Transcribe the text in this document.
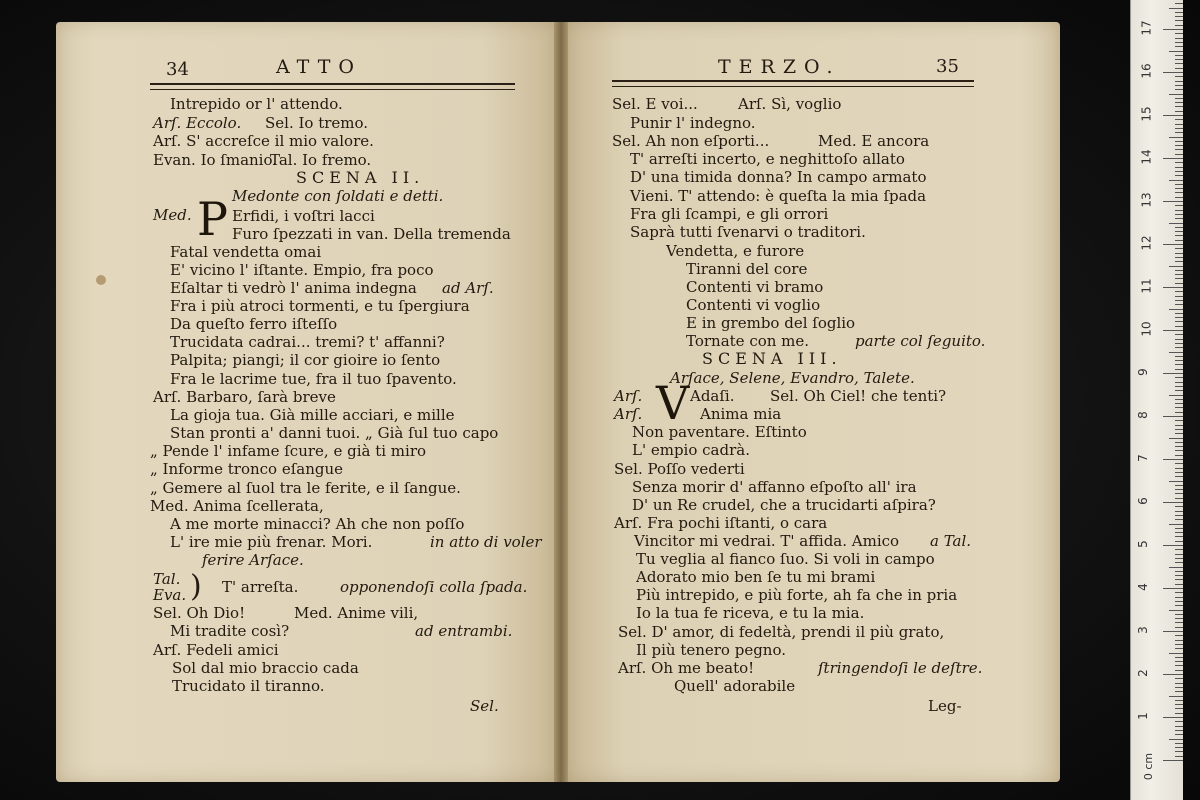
34	ATTO
Intrepido or l' attendo.
Arſ. Eccolo. Sel. Io tremo.
Arſ. S' accreſce il mio valore.
Evan. Io ſmanio.
Tal. Io fremo.
SCENA II.
Medonte con ſoldati e detti.
Med.	Erfidi, i voſtri lacci
Furo ſpezzati in van. Della tremenda
Fatal vendetta omai
E' vicino l' iſtante. Empio, fra poco
Eſaltar ti vedrò l' anima indegna ad Arſ.
Fra i più atroci tormenti, e tu ſpergiura
Da queſto ferro iſteſſo
Trucidata cadrai... tremi? t' affanni?
Palpita; piangi; il cor gioire io ſento
Fra le lacrime tue, fra il tuo ſpavento.
Arſ. Barbaro, ſarà breve
La gioja tua. Già mille acciari, e mille
Stan pronti a' danni tuoi. „ Già ſul tuo capo
„ Pende l' infame ſcure, e già ti miro
„ Informe tronco eſangue
„ Gemere al ſuol tra le ferite, e il ſangue.
Med. Anima ſcellerata,
A me morte minacci? Ah che non poſſo
L' ire mie più frenar. Mori.	in atto di voler
ferire Arſace.
Tal.
Eva. T' arreſta.	opponendoſi colla ſpada.
Sel. Oh Dio!	Med. Anime vili,
Mi tradite così?	ad entrambi.
Arſ. Fedeli amici
Sol dal mio braccio cada
Trucidato il tiranno.
Sel.
P
)
TERZO.	35
Sel. E voi...	Arſ. Sì, voglio
Punir l' indegno.
Sel. Ah non eſporti...	Med. E ancora
T' arreſti incerto, e neghittoſo allato
D' una timida donna? In campo armato
Vieni. T' attendo: è queſta la mia ſpada
Fra gli ſcampi, e gli orrori
Saprà tutti ſvenarvi o traditori.
Vendetta, e furore
Tiranni del core
Contenti vi bramo
Contenti vi voglio
E in grembo del ſoglio
Tornate con me.	parte col ſeguito.
SCENA III.
Arſace, Selene, Evandro, Talete.
Arſ.
Arſ.
Adaſi. Sel. Oh Ciel! che tenti?
Anima mia
Non paventare. Eſtinto
L' empio cadrà.
Sel. Poſſo vederti
Senza morir d' affanno eſpoſto all' ira
D' un Re crudel, che a trucidarti aſpira?
Arſ. Fra pochi iſtanti, o cara
Vincitor mi vedrai. T' affida. Amico a Tal.
Tu veglia al fianco ſuo. Si voli in campo
Adorato mio ben ſe tu mi brami
Più intrepido, e più forte, ah fa che in pria
Io la tua fe riceva, e tu la mia.
Sel. D' amor, di fedeltà, prendi il più grato,
Il più tenero pegno.
Arſ. Oh me beato!	ſtringendoſi le deſtre.
Quell' adorabile
Leg-
V
0 cm
1
2
3
4
5
6
7
8
9
10
11
12
13
14
15
16
17
